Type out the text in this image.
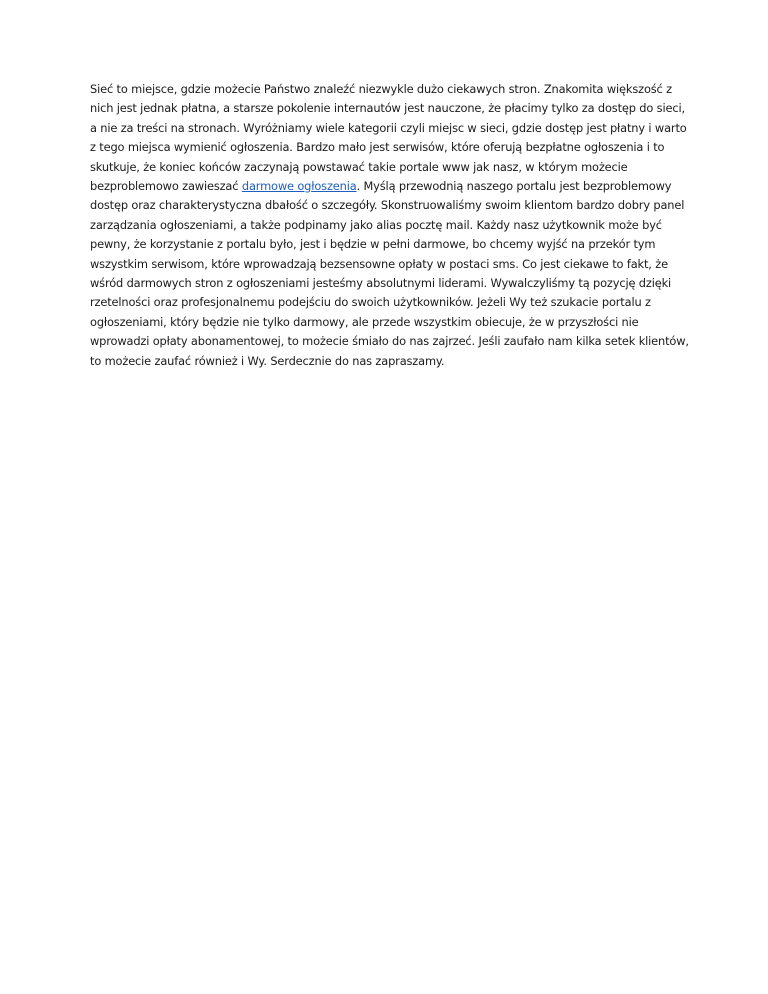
Sieć to miejsce, gdzie możecie Państwo znaleźć niezwykle dużo ciekawych stron. Znakomita większość z nich jest jednak płatna, a starsze pokolenie internautów jest nauczone, że płacimy tylko za dostęp do sieci, a nie za treści na stronach. Wyróżniamy wiele kategorii czyli miejsc w sieci, gdzie dostęp jest płatny i warto z tego miejsca wymienić ogłoszenia. Bardzo mało jest serwisów, które oferują bezpłatne ogłoszenia i to skutkuje, że koniec końców zaczynają powstawać takie portale www jak nasz, w którym możecie bezproblemowo zawieszać darmowe ogłoszenia. Myślą przewodnią naszego portalu jest bezproblemowy dostęp oraz charakterystyczna dbałość o szczegóły. Skonstruowaliśmy swoim klientom bardzo dobry panel zarządzania ogłoszeniami, a także podpinamy jako alias pocztę mail. Każdy nasz użytkownik może być pewny, że korzystanie z portalu było, jest i będzie w pełni darmowe, bo chcemy wyjść na przekór tym wszystkim serwisom, które wprowadzają bezsensowne opłaty w postaci sms. Co jest ciekawe to fakt, że wśród darmowych stron z ogłoszeniami jesteśmy absolutnymi liderami. Wywalczyliśmy tą pozycję dzięki rzetelności oraz profesjonalnemu podejściu do swoich użytkowników. Jeżeli Wy też szukacie portalu z ogłoszeniami, który będzie nie tylko darmowy, ale przede wszystkim obiecuje, że w przyszłości nie wprowadzi opłaty abonamentowej, to możecie śmiało do nas zajrzeć. Jeśli zaufało nam kilka setek klientów, to możecie zaufać również i Wy. Serdecznie do nas zapraszamy.
